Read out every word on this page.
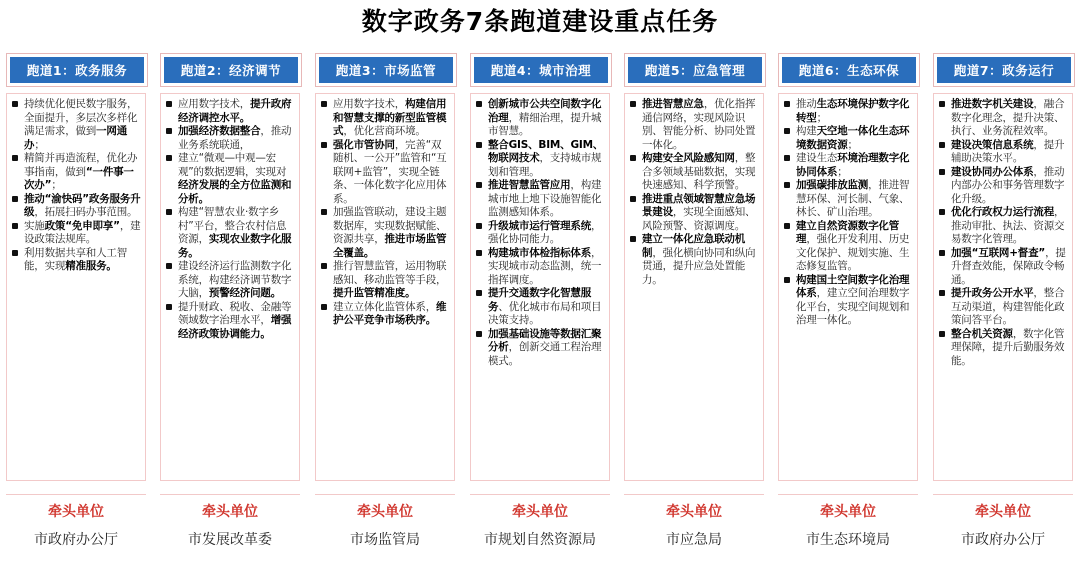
数字政务7条跑道建设重点任务
跑道1：政务服务

持续优化便民数字服务，全面提升，多层次多样化满足需求，做到一网通办；

精简并再造流程，优化办事指南，做到“一件事一次办”；

推动“渝快码”政务服务升级，拓展扫码办事范围。

实施政策“免申即享”，建设政策法规库。

利用数据共享和人工智能，实现精准服务。

牵头单位
市政府办公厅
跑道2：经济调节

应用数字技术，提升政府经济调控水平。

加强经济数据整合，推动业务系统联通，

建立“微观—中观—宏观”的数据逻辑，实现对经济发展的全方位监测和分析。

构建“智慧农业·数字乡村”平台，整合农村信息资源，实现农业数字化服务。

建设经济运行监测数字化系统，构建经济调节数字大脑，预警经济问题。

提升财政、税收、金融等领域数字治理水平，增强经济政策协调能力。

牵头单位
市发展改革委
跑道3：市场监管

应用数字技术，构建信用和智慧支撑的新型监管模式，优化营商环境。

强化市管协同，完善“双随机、一公开”监管和“互联网+监管”，实现全链条、一体化数字化应用体系。

加强监管联动，建设主题数据库，实现数据赋能、资源共享，推进市场监管全覆盖。

推行智慧监管，运用物联感知、移动监管等手段，提升监管精准度。

建立立体化监管体系，维护公平竞争市场秩序。

牵头单位
市场监管局
跑道4：城市治理

创新城市公共空间数字化治理，精细治理，提升城市智慧。

整合GIS、BIM、GIM、物联网技术，支持城市规划和管理。

推进智慧监管应用，构建城市地上地下设施智能化监测感知体系。

升级城市运行管理系统，强化协同能力。

构建城市体检指标体系，实现城市动态监测，统一指挥调度。

提升交通数字化智慧服务、优化城市布局和项目决策支持。

加强基础设施等数据汇聚分析，创新交通工程治理模式。

牵头单位
市规划自然资源局
跑道5：应急管理

推进智慧应急，优化指挥通信网络，实现风险识别、智能分析、协同处置一体化。

构建安全风险感知网，整合多领域基础数据，实现快速感知、科学预警。

推进重点领域智慧应急场景建设，实现全面感知、风险预警、资源调度。

建立一体化应急联动机制，强化横向协同和纵向贯通，提升应急处置能力。

牵头单位
市应急局
跑道6：生态环保

推动生态环境保护数字化转型；

构建天空地一体化生态环境数据资源；

建设生态环境治理数字化协同体系；

加强碳排放监测，推进智慧环保、河长制、气象、林长、矿山治理。

建立自然资源数字化管理，强化开发利用、历史文化保护、规划实施、生态修复监管。

构建国土空间数字化治理体系，建立空间治理数字化平台，实现空间规划和治理一体化。

牵头单位
市生态环境局
跑道7：政务运行

推进数字机关建设，融合数字化理念，提升决策、执行、业务流程效率。

建设决策信息系统，提升辅助决策水平。

建设协同办公体系，推动内部办公和事务管理数字化升级。

优化行政权力运行流程，推动审批、执法、资源交易数字化管理。

加强“互联网+督查”，提升督查效能，保障政令畅通。

提升政务公开水平，整合互动渠道，构建智能化政策问答平台。

整合机关资源，数字化管理保障，提升后勤服务效能。

牵头单位
市政府办公厅
